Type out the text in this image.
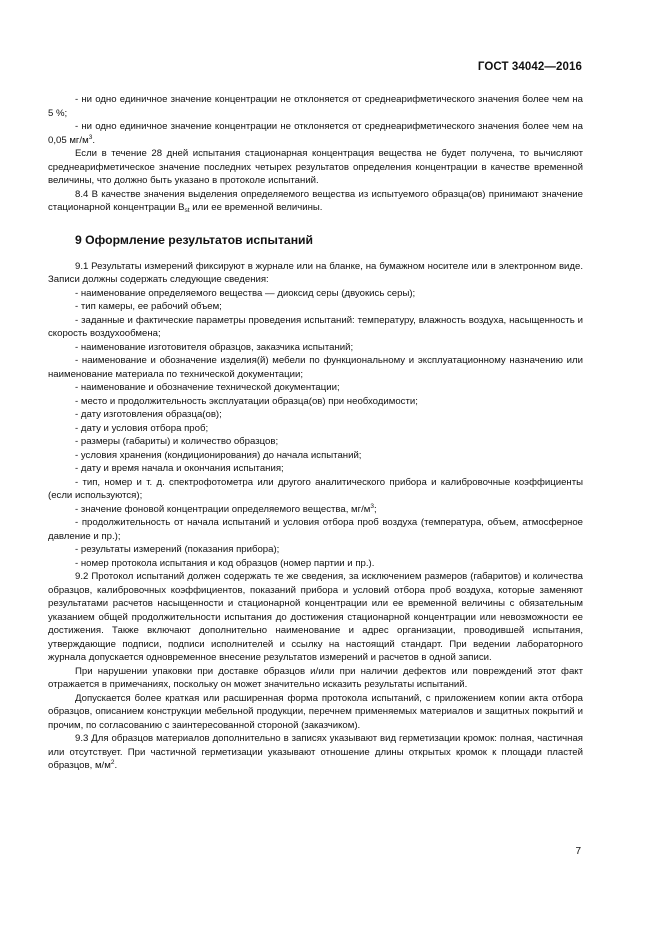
ГОСТ 34042—2016

- ни одно единичное значение концентрации не отклоняется от среднеарифметического значения более чем на 5 %;

- ни одно единичное значение концентрации не отклоняется от среднеарифметического значения более чем на 0,05 $мг/м^3$.

Если в течение 28 дней испытания стационарная концентрация вещества не будет получена, то вычисляют среднеарифметическое значение последних четырех результатов определения концентрации в качестве временной величины, что должно быть указано в протоколе испытаний.

8.4 В качестве значения выделения определяемого вещества из испытуемого образца(ов) принимают значение стационарной концентрации $B_{st}$ или ее временной величины.

9 Оформление результатов испытаний

9.1 Результаты измерений фиксируют в журнале или на бланке, на бумажном носителе или в электронном виде. Записи должны содержать следующие сведения:

- наименование определяемого вещества — диоксид серы (двуокись серы);

- тип камеры, ее рабочий объем;

- заданные и фактические параметры проведения испытаний: температуру, влажность воздуха, насыщенность и скорость воздухообмена;

- наименование изготовителя образцов, заказчика испытаний;

- наименование и обозначение изделия(й) мебели по функциональному и эксплуатационному назначению или наименование материала по технической документации;

- наименование и обозначение технической документации;

- место и продолжительность эксплуатации образца(ов) при необходимости;

- дату изготовления образца(ов);

- дату и условия отбора проб;

- размеры (габариты) и количество образцов;

- условия хранения (кондиционирования) до начала испытаний;

- дату и время начала и окончания испытания;

- тип, номер и т. д. спектрофотометра или другого аналитического прибора и калибровочные коэффициенты (если используются);

- значение фоновой концентрации определяемого вещества, $мг/м^3$;

- продолжительность от начала испытаний и условия отбора проб воздуха (температура, объем, атмосферное давление и пр.);

- результаты измерений (показания прибора);

- номер протокола испытания и код образцов (номер партии и пр.).

9.2 Протокол испытаний должен содержать те же сведения, за исключением размеров (габаритов) и количества образцов, калибровочных коэффициентов, показаний прибора и условий отбора проб воздуха, которые заменяют результатами расчетов насыщенности и стационарной концентрации или ее временной величины с обязательным указанием общей продолжительности испытания до достижения стационарной концентрации или невозможности ее достижения. Также включают дополнительно наименование и адрес организации, проводившей испытания, утверждающие подписи, подписи исполнителей и ссылку на настоящий стандарт. При ведении лабораторного журнала допускается одновременное внесение результатов измерений и расчетов в одной записи.

При нарушении упаковки при доставке образцов и/или при наличии дефектов или повреждений этот факт отражается в примечаниях, поскольку он может значительно исказить результаты испытаний.

Допускается более краткая или расширенная форма протокола испытаний, с приложением копии акта отбора образцов, описанием конструкции мебельной продукции, перечнем применяемых материалов и защитных покрытий и прочим, по согласованию с заинтересованной стороной (заказчиком).

9.3 Для образцов материалов дополнительно в записях указывают вид герметизации кромок: полная, частичная или отсутствует. При частичной герметизации указывают отношение длины открытых кромок к площади пластей образцов, $м/м^2$.

7
